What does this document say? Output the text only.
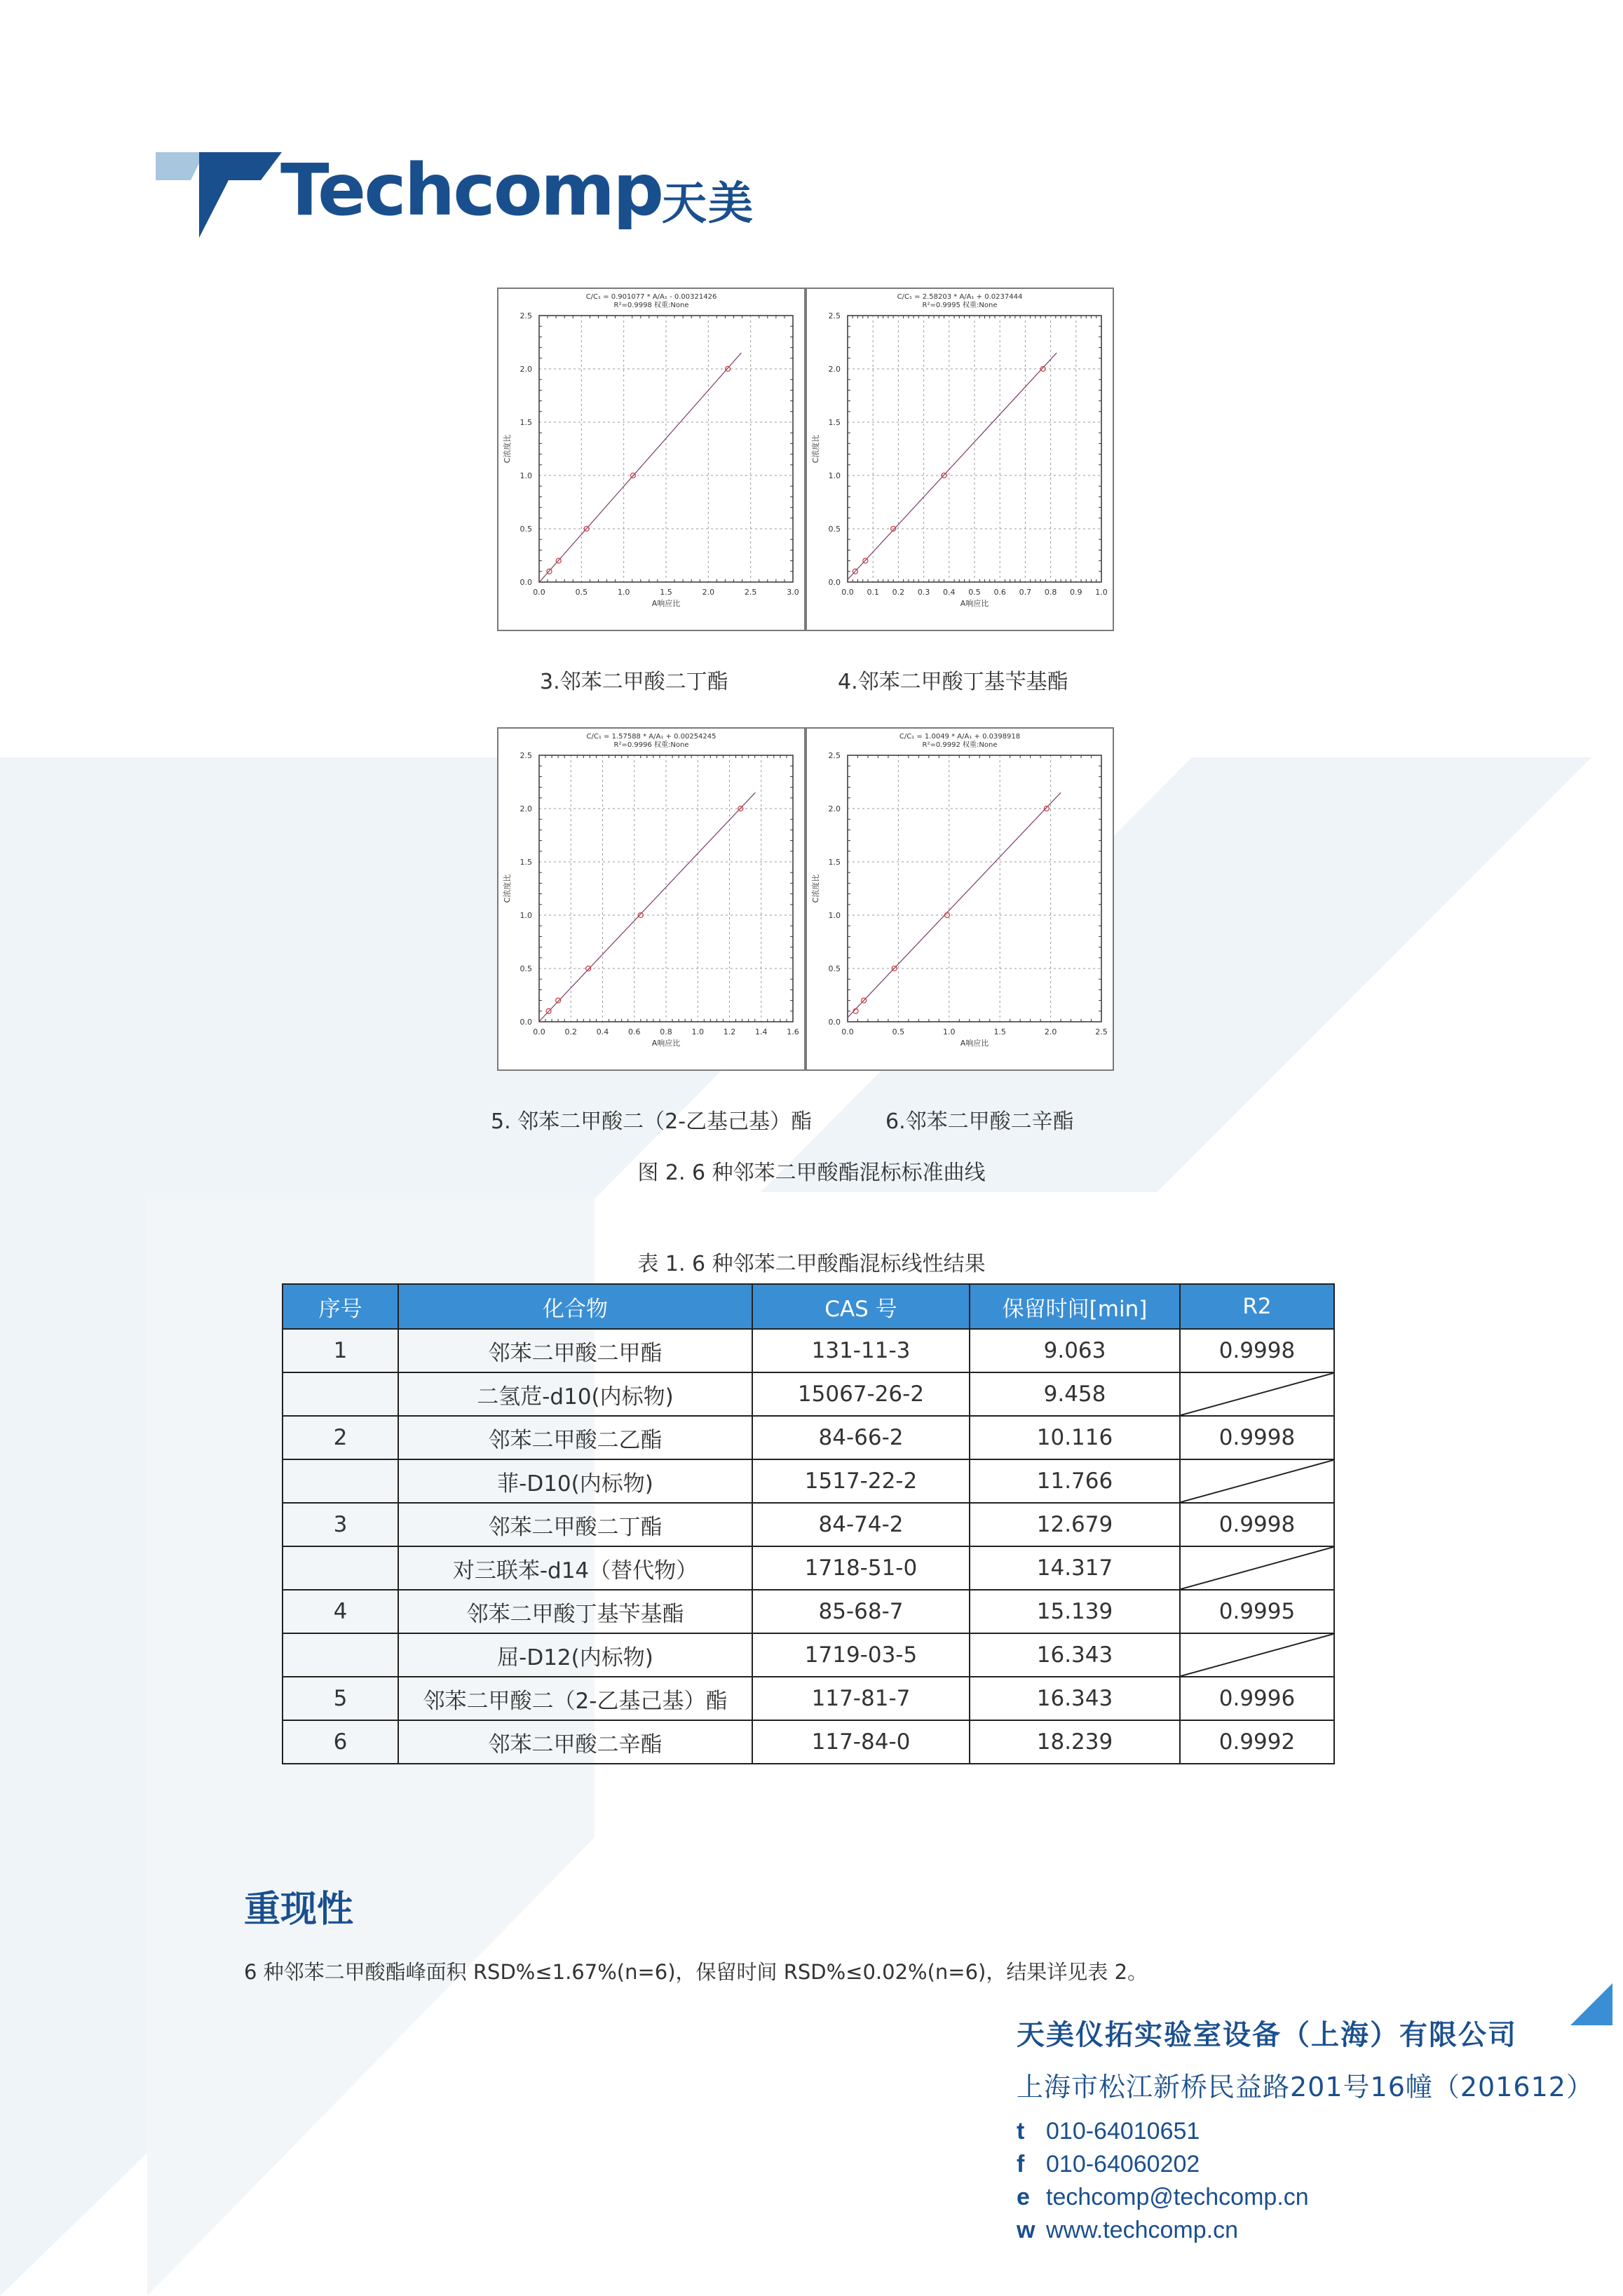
Techcomp 天美
C/C₁ = 0.901077 * A/A₁ - 0.00321426
R²=0.9998 权重:None
0.0	0.5	1.0	1.5	2.0	2.5	3.0
0.0
0.5
1.0
1.5
2.0
2.5
A响应比
C浓度比
C/C₁ = 2.58203 * A/A₁ + 0.0237444
R²=0.9995 权重:None
0.0 0.1 0.2 0.3 0.4 0.5 0.6 0.7 0.8 0.9 1.0
0.0
0.5
1.0
1.5
2.0
2.5
A响应比
C浓度比
C/C₁ = 1.57588 * A/A₁ + 0.00254245
R²=0.9996 权重:None
0.0	0.2	0.4	0.6	0.8	1.0	1.2	1.4	1.6
0.0
0.5
1.0
1.5
2.0
2.5
A响应比
C浓度比
C/C₁ = 1.0049 * A/A₁ + 0.0398918
R²=0.9992 权重:None
0.0	0.5	1.0	1.5	2.0	2.5
0.0
0.5
1.0
1.5
2.0
2.5
A响应比
C浓度比
3.邻苯二甲酸二丁酯	4.邻苯二甲酸丁基苄基酯
5. 邻苯二甲酸二（2-乙基己基）酯	6.邻苯二甲酸二辛酯
图 2. 6 种邻苯二甲酸酯混标标准曲线
表 1. 6 种邻苯二甲酸酯混标线性结果
序号	化合物	CAS 号	保留时间[min]	R2
1	邻苯二甲酸二甲酯	131-11-3	9.063	0.9998
	二氢苊-d10(内标物)	15067-26-2	9.458	

2	邻苯二甲酸二乙酯	84-66-2	10.116	0.9998
	菲-D10(内标物)	1517-22-2	11.766	

3	邻苯二甲酸二丁酯	84-74-2	12.679	0.9998
	对三联苯-d14（替代物）	1718-51-0	14.317	

4	邻苯二甲酸丁基苄基酯	85-68-7	15.139	0.9995
	屈-D12(内标物)	1719-03-5	16.343	

5	邻苯二甲酸二（2-乙基己基）酯	117-81-7	16.343	0.9996
6	邻苯二甲酸二辛酯	117-84-0	18.239	0.9992
重现性
6 种邻苯二甲酸酯峰面积 RSD%≤1.67%(n=6)，保留时间 RSD%≤0.02%(n=6)，结果详见表 2。
天美仪拓实验室设备（上海）有限公司
上海市松江新桥民益路201号16幢（201612）
t 010-64010651
f 010-64060202
e techcomp@techcomp.cn
w www.techcomp.cn
